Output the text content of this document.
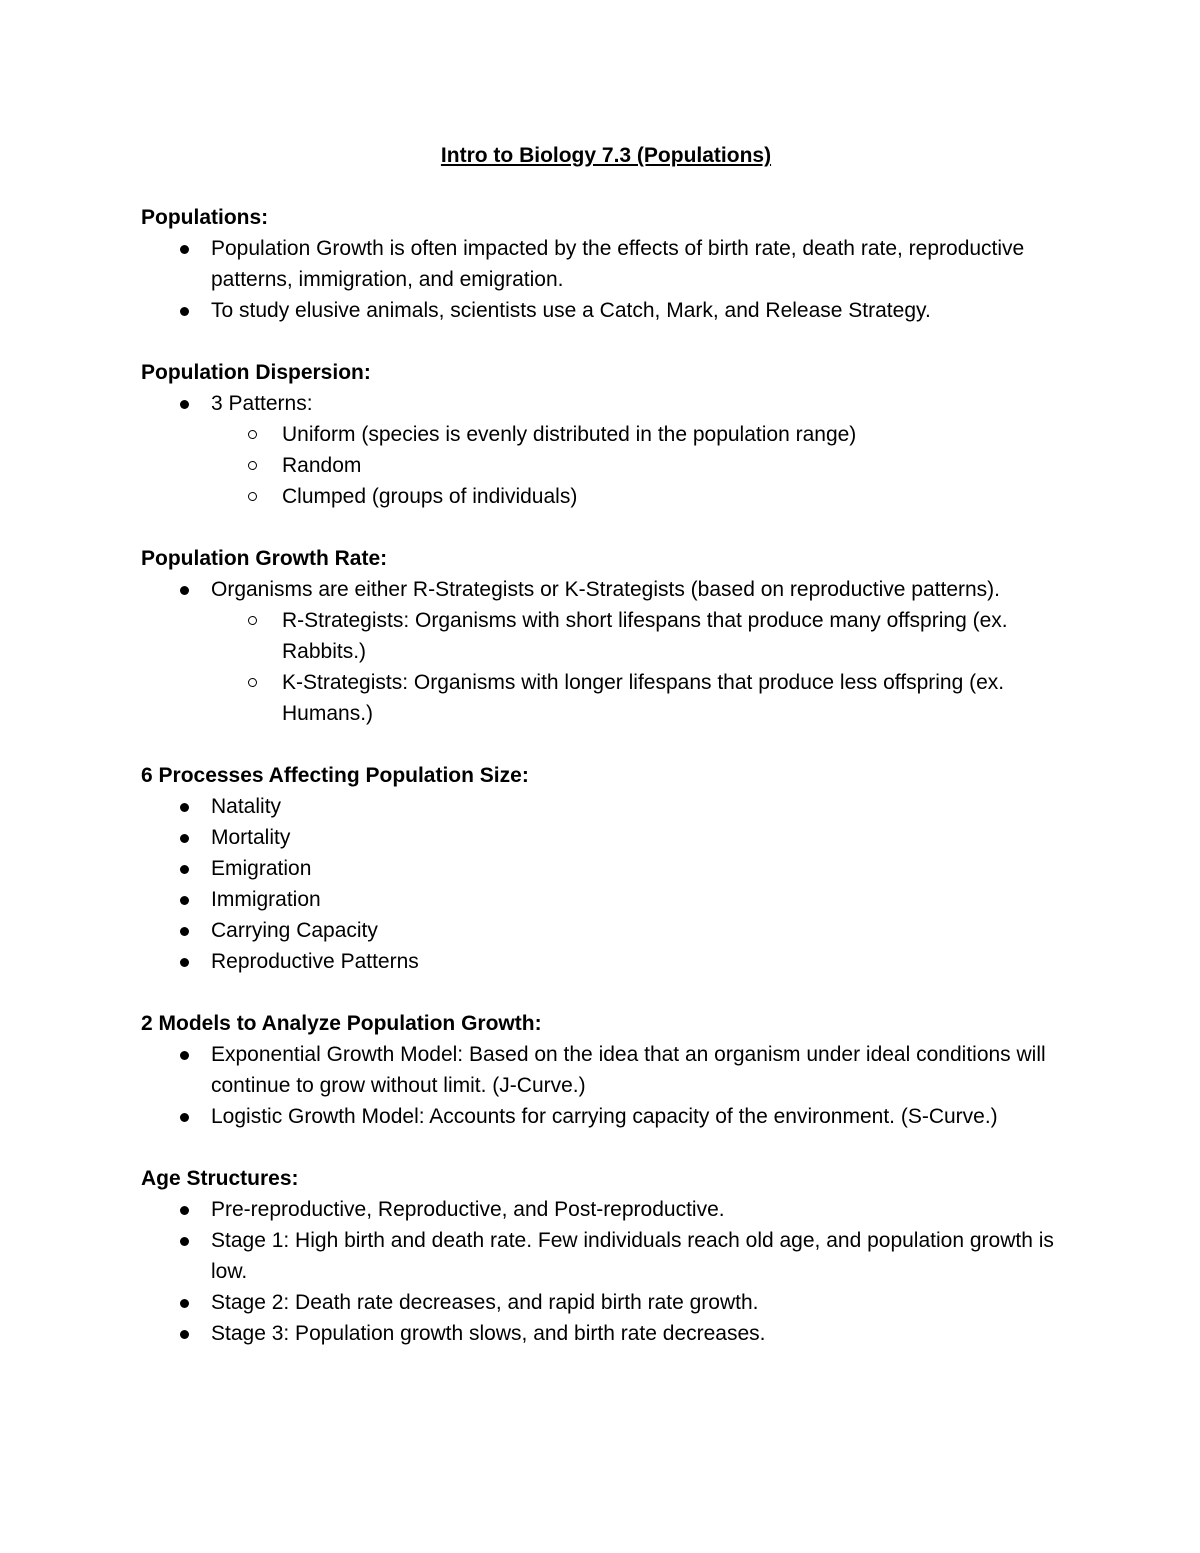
Intro to Biology 7.3 (Populations)
Populations:
Population Growth is often impacted by the effects of birth rate, death rate, reproductive patterns, immigration, and emigration.
To study elusive animals, scientists use a Catch, Mark, and Release Strategy.
Population Dispersion:
3 Patterns:
Uniform (species is evenly distributed in the population range)
Random
Clumped (groups of individuals)
Population Growth Rate:
Organisms are either R-Strategists or K-Strategists (based on reproductive patterns).
R-Strategists: Organisms with short lifespans that produce many offspring (ex. Rabbits.)
K-Strategists: Organisms with longer lifespans that produce less offspring (ex. Humans.)
6 Processes Affecting Population Size:
Natality
Mortality
Emigration
Immigration
Carrying Capacity
Reproductive Patterns
2 Models to Analyze Population Growth:
Exponential Growth Model: Based on the idea that an organism under ideal conditions will continue to grow without limit. (J-Curve.)
Logistic Growth Model: Accounts for carrying capacity of the environment. (S-Curve.)
Age Structures:
Pre-reproductive, Reproductive, and Post-reproductive.
Stage 1: High birth and death rate. Few individuals reach old age, and population growth is low.
Stage 2: Death rate decreases, and rapid birth rate growth.
Stage 3: Population growth slows, and birth rate decreases.
